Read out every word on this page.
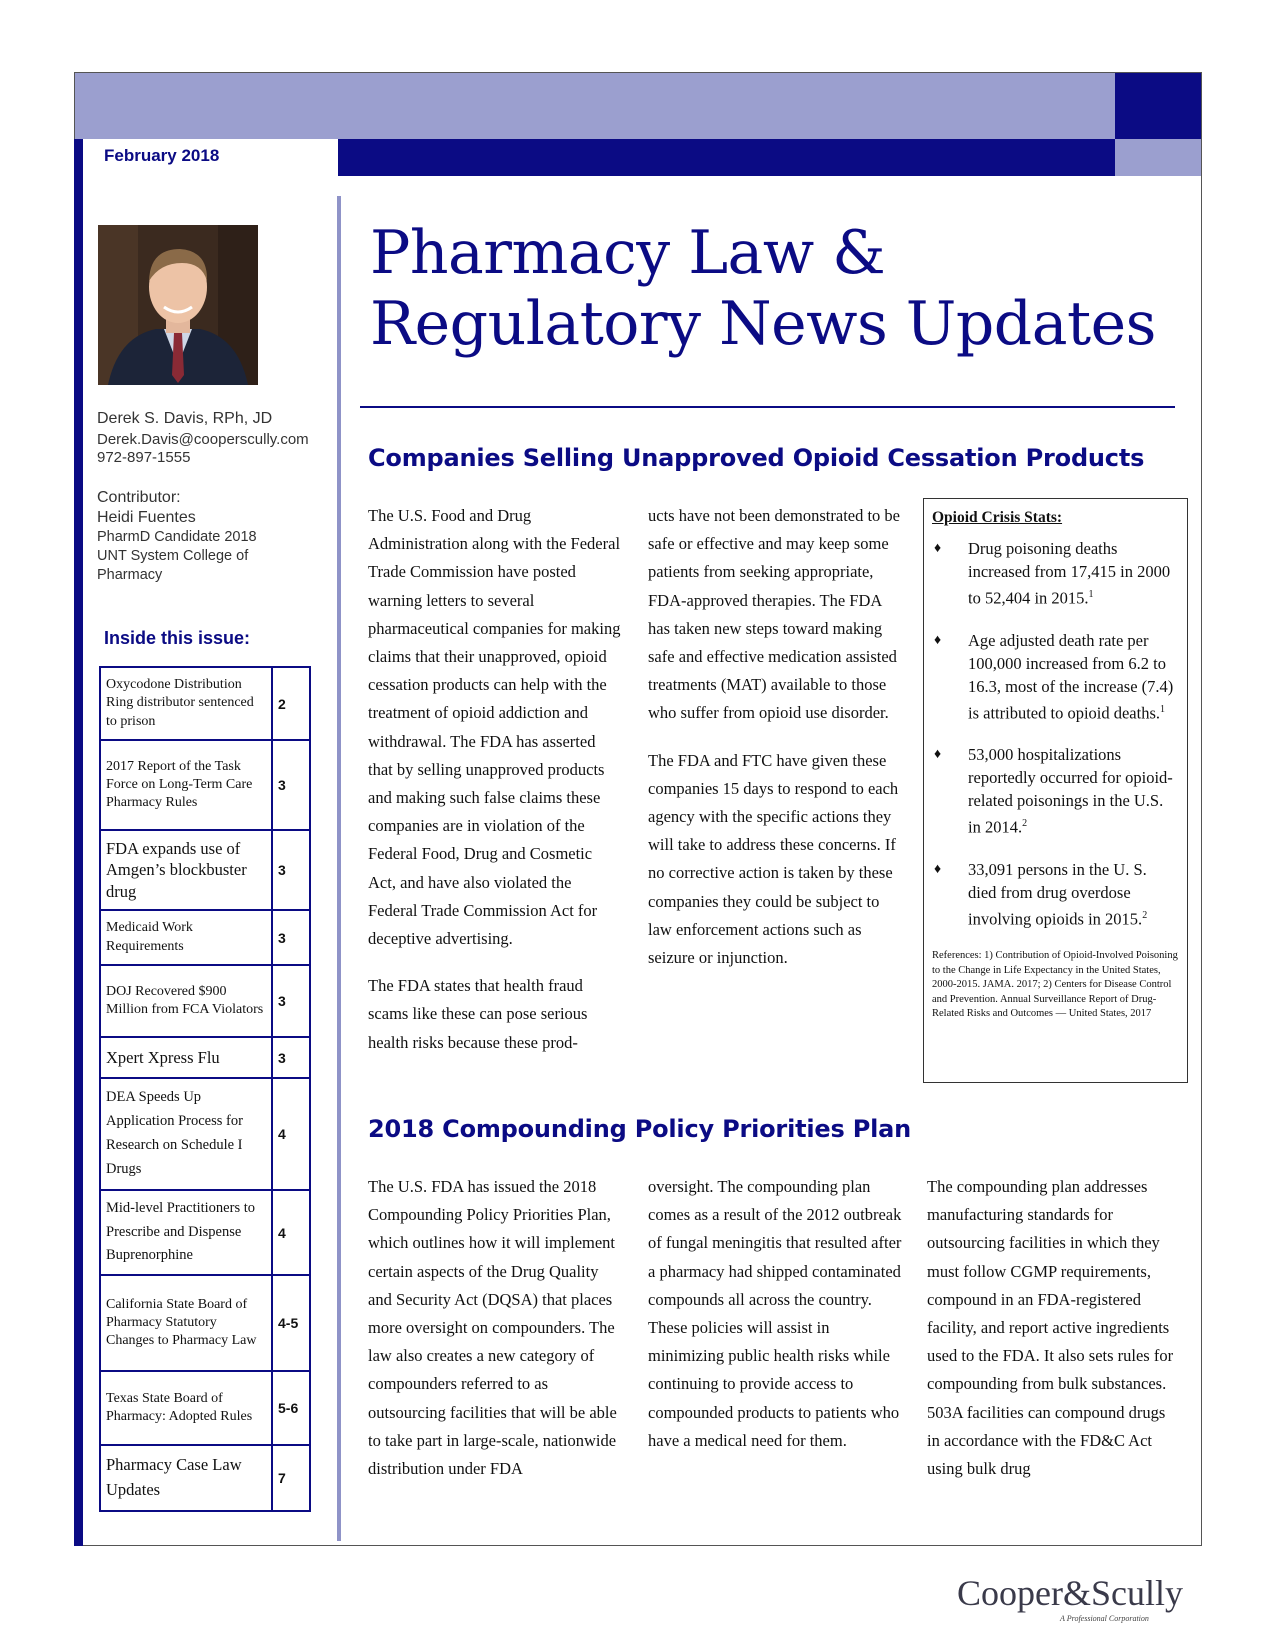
February 2018
Derek S. Davis, RPh, JD
Derek.Davis@cooperscully.com
972-897-1555
Contributor:
Heidi Fuentes
PharmD Candidate 2018
UNT System College of
Pharmacy
Inside this issue:
Oxycodone Distribution Ring distributor sentenced to prison	2
2017 Report of the Task Force on Long-Term Care Pharmacy Rules	3
FDA expands use of Amgen’s blockbuster drug	3
Medicaid Work Requirements	3
DOJ Recovered $900 Million from FCA Violators	3
Xpert Xpress Flu	3
DEA Speeds Up Application Process for Research on Schedule I Drugs	4
Mid-level Practitioners to Prescribe and Dispense Buprenorphine	4
California State Board of Pharmacy Statutory Changes to Pharmacy Law	4-5
Texas State Board of Pharmacy: Adopted Rules	5-6
Pharmacy Case Law Updates	7
Pharmacy Law &
Regulatory News Updates
Companies Selling Unapproved Opioid Cessation Products

The U.S. Food and Drug Administration along with the Federal Trade Commission have posted warning letters to several pharmaceutical companies for making claims that their unapproved, opioid cessation products can help with the treatment of opioid addiction and withdrawal. The FDA has asserted that by selling unapproved products and making such false claims these companies are in violation of the Federal Food, Drug and Cosmetic Act, and have also violated the Federal Trade Commission Act for deceptive advertising.

The FDA states that health fraud scams like these can pose serious health risks because these prod-

ucts have not been demonstrated to be safe or effective and may keep some patients from seeking appropriate, FDA-approved therapies. The FDA has taken new steps toward making safe and effective medication assisted treatments (MAT) available to those who suffer from opioid use disorder.

The FDA and FTC have given these companies 15 days to respond to each agency with the specific actions they will take to address these concerns. If no corrective action is taken by these companies they could be subject to law enforcement actions such as seizure or injunction.

Opioid Crisis Stats:
♦	Drug poisoning deaths increased from 17,415 in 2000 to 52,404 in 2015.$^1$
♦	Age adjusted death rate per 100,000 increased from 6.2 to 16.3, most of the increase (7.4) is attributed to opioid deaths.$^1$
♦	53,000 hospitalizations reportedly occurred for opioid-related poisonings in the U.S. in 2014.$^2$
♦	33,091 persons in the U. S. died from drug overdose involving opioids in 2015.$^2$
References: 1) Contribution of Opioid-Involved Poisoning to the Change in Life Expectancy in the United States, 2000-2015. JAMA. 2017; 2) Centers for Disease Control and Prevention. Annual Surveillance Report of Drug-Related Risks and Outcomes — United States, 2017
2018 Compounding Policy Priorities Plan

The U.S. FDA has issued the 2018 Compounding Policy Priorities Plan, which outlines how it will implement certain aspects of the Drug Quality and Security Act (DQSA) that places more oversight on compounders. The law also creates a new category of compounders referred to as outsourcing facilities that will be able to take part in large-scale, nationwide distribution under FDA

oversight. The compounding plan comes as a result of the 2012 outbreak of fungal meningitis that resulted after a pharmacy had shipped contaminated compounds all across the country. These policies will assist in minimizing public health risks while continuing to provide access to compounded products to patients who have a medical need for them.

The compounding plan addresses manufacturing standards for outsourcing facilities in which they must follow CGMP requirements, compound in an FDA-registered facility, and report active ingredients used to the FDA. It also sets rules for compounding from bulk substances. 503A facilities can compound drugs in accordance with the FD&C Act using bulk drug

Cooper&Scully
A Professional Corporation
